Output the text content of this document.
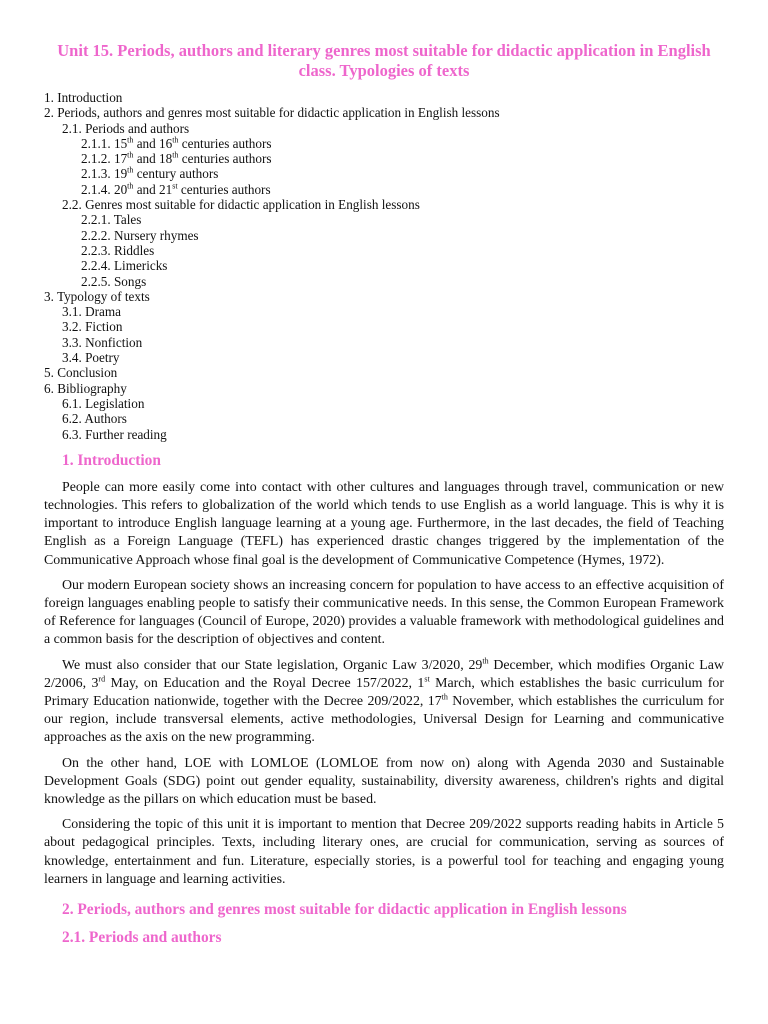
Unit 15. Periods, authors and literary genres most suitable for didactic application in English class. Typologies of texts
1. Introduction
2. Periods, authors and genres most suitable for didactic application in English lessons
2.1. Periods and authors
2.1.1. 15th and 16th centuries authors
2.1.2. 17th and 18th centuries authors
2.1.3. 19th century authors
2.1.4. 20th and 21st centuries authors
2.2. Genres most suitable for didactic application in English lessons
2.2.1. Tales
2.2.2. Nursery rhymes
2.2.3. Riddles
2.2.4. Limericks
2.2.5. Songs
3. Typology of texts
3.1. Drama
3.2. Fiction
3.3. Nonfiction
3.4. Poetry
5. Conclusion
6. Bibliography
6.1. Legislation
6.2. Authors
6.3. Further reading
1. Introduction

People can more easily come into contact with other cultures and languages through travel, communication or new technologies. This refers to globalization of the world which tends to use English as a world language. This is why it is important to introduce English language learning at a young age. Furthermore, in the last decades, the field of Teaching English as a Foreign Language (TEFL) has experienced drastic changes triggered by the implementation of the Communicative Approach whose final goal is the development of Communicative Competence (Hymes, 1972).

Our modern European society shows an increasing concern for population to have access to an effective acquisition of foreign languages enabling people to satisfy their communicative needs. In this sense, the Common European Framework of Reference for languages (Council of Europe, 2020) provides a valuable framework with methodological guidelines and a common basis for the description of objectives and content.

We must also consider that our State legislation, Organic Law 3/2020, 29th December, which modifies Organic Law 2/2006, 3rd May, on Education and the Royal Decree 157/2022, 1st March, which establishes the basic curriculum for Primary Education nationwide, together with the Decree 209/2022, 17th November, which establishes the curriculum for our region, include transversal elements, active methodologies, Universal Design for Learning and communicative approaches as the axis on the new programming.

On the other hand, LOE with LOMLOE (LOMLOE from now on) along with Agenda 2030 and Sustainable Development Goals (SDG) point out gender equality, sustainability, diversity awareness, children's rights and digital knowledge as the pillars on which education must be based.

Considering the topic of this unit it is important to mention that Decree 209/2022 supports reading habits in Article 5 about pedagogical principles. Texts, including literary ones, are crucial for communication, serving as sources of knowledge, entertainment and fun. Literature, especially stories, is a powerful tool for teaching and engaging young learners in language and learning activities.

2. Periods, authors and genres most suitable for didactic application in English lessons
2.1. Periods and authors
